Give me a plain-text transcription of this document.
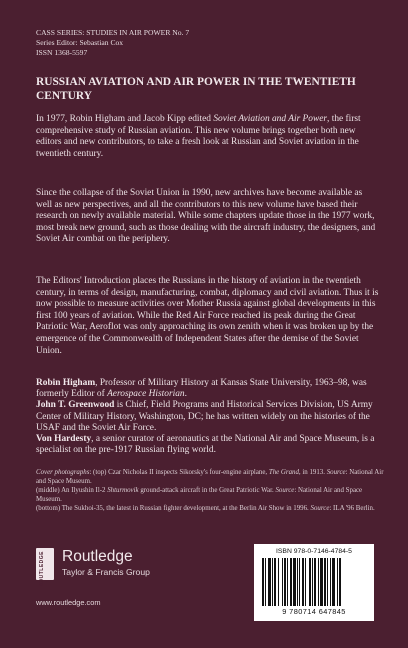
CASS SERIES: STUDIES IN AIR POWER No. 7
Series Editor: Sebastian Cox
ISSN 1368-5597
RUSSIAN AVIATION AND AIR POWER IN THE TWENTIETH CENTURY
In 1977, Robin Higham and Jacob Kipp edited Soviet Aviation and Air Power, the first comprehensive study of Russian aviation. This new volume brings together both new editors and new contributors, to take a fresh look at Russian and Soviet aviation in the twentieth century.
Since the collapse of the Soviet Union in 1990, new archives have become available as well as new perspectives, and all the contributors to this new volume have based their research on newly available material. While some chapters update those in the 1977 work, most break new ground, such as those dealing with the aircraft industry, the designers, and Soviet Air combat on the periphery.
The Editors' Introduction places the Russians in the history of aviation in the twentieth century, in terms of design, manufacturing, combat, diplomacy and civil aviation. Thus it is now possible to measure activities over Mother Russia against global developments in this first 100 years of aviation. While the Red Air Force reached its peak during the Great Patriotic War, Aeroflot was only approaching its own zenith when it was broken up by the emergence of the Commonwealth of Independent States after the demise of the Soviet Union.
Robin Higham, Professor of Military History at Kansas State University, 1963–98, was formerly Editor of Aerospace Historian.
John T. Greenwood is Chief, Field Programs and Historical Services Division, US Army Center of Military History, Washington, DC; he has written widely on the histories of the USAF and the Soviet Air Force.
Von Hardesty, a senior curator of aeronautics at the National Air and Space Museum, is a specialist on the pre-1917 Russian flying world.
Cover photographs: (top) Czar Nicholas II inspects Sikorsky's four-engine airplane, The Grand, in 1913. Source: National Air and Space Museum.
(middle) An Ilyushin Il-2 Shturmovik ground-attack aircraft in the Great Patriotic War. Source: National Air and Space Museum.
(bottom) The Sukhoi-35, the latest in Russian fighter development, at the Berlin Air Show in 1996. Source: ILA '96 Berlin.
ROUTLEDGE Routledge
Taylor & Francis Group
www.routledge.com
ISBN 978-0-7146-4784-5
9 780714 647845
